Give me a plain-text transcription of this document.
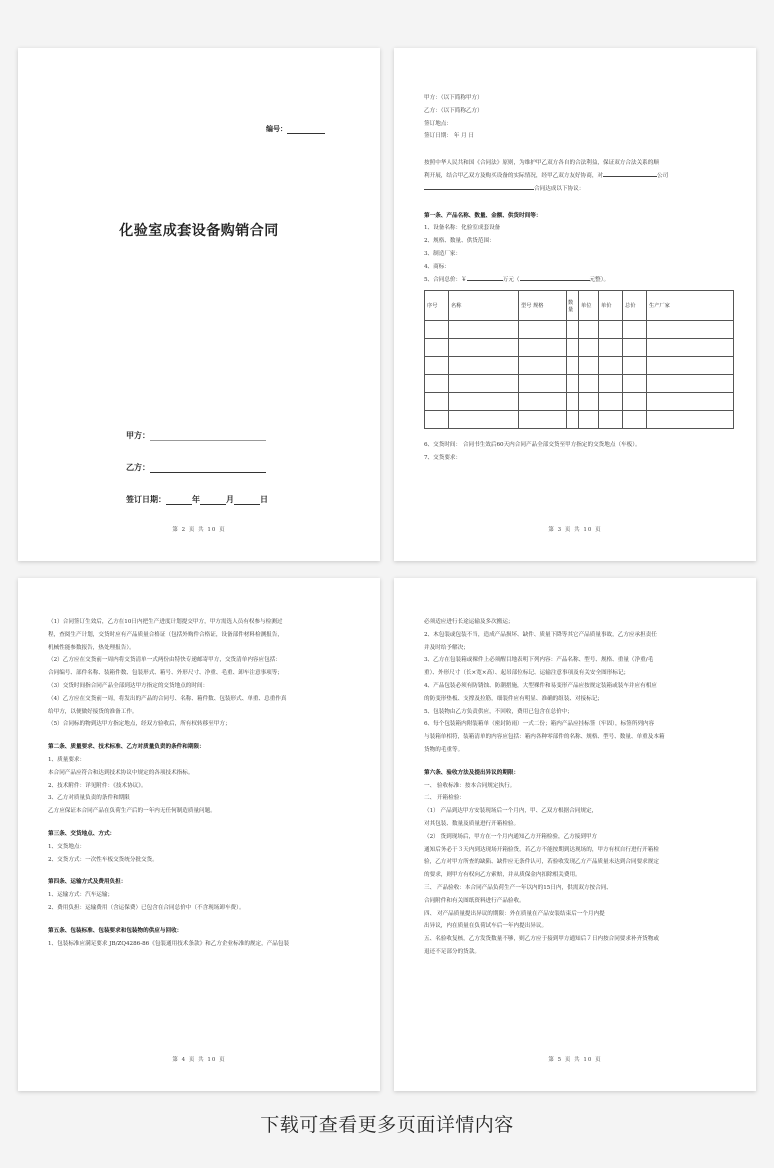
编号：
化验室成套设备购销合同
甲方：
乙方：
签订日期：	年	月	日
第 2 页 共 10 页
甲方：（以下简称甲方）
乙方：（以下简称乙方）
签订地点：
签订日期： 年 月 日
按照中华人民共和国《合同法》原则，为维护甲乙双方各自的合法利益，保证双方合法关系的顺
利开展，结合甲乙双方及购买设备的实际情况，经甲乙双方友好协商，对	公司
合同达成以下协议：
第一条、产品名称、数量、金额、供货时间等：
1、设备名称：化验室成套设备
2、规格、数量、供货范围：
3、制造厂家：
4、商标：
5、合同总价：￥	万元（	元整）。
序号	名称	型号 规格	数量	单位	单价	总价	生产厂家

6、交货时间： 合同书生效后60天内合同产品全部交货至甲方指定的交货地点（车板）。
7、交货要求：
第 3 页 共 10 页
（1）合同签订生效后，乙方在10日内把生产进度计划提交甲方，甲方需选人员有权参与检测过
程，查阅生产计划，交货时应有产品质量合格证（包括外购件合格证，设备部件材料检测报告，
机械性能参数报告，热处理报告）。
（2）乙方应在交货前一周内将交货清单一式两份由特快专递邮寄甲方，交货清单内容应包括：
合同编号、部件名称、装箱件数、包装形式、箱号、外形尺寸、净重、毛重、卸车注意事项等；
（3）交货时间指合同产品全部到达甲方指定的交货地点的时间：
（4）乙方应在交货前一周，将发出的产品的合同号、名称、箱件数、包装形式、单重、总重作真
给甲方，以便做好接货的准备工作。
（5）合同标的物到达甲方指定地点，经双方验收后，所有权转移至甲方；
第二条、质量要求、技术标准、乙方对质量负责的条件和期限：
1、质量要求：
本合同产品应符合和达到技术协议中规定的各项技术指标。
2、技术附件：详见附件：《技术协议》。
3、乙方对质量负责的条件和期限
乙方应保证本合同产品在负荷生产后的一年内无任何制造质量问题。
第三条、交货地点、方式：
1、交货地点：
2、交货方式：一次性车板交货统分批交货。
第四条、运输方式及费用负担：
1、运输方式：汽车运输；
2、费用负担：运输费用（含运保费）已包含在合同总价中（不含现场卸车费）。
第五条、包装标准、包装要求和包装物的供应与回收：
1、包装标准应满足要求 JB/ZQ4286-86《包装通用技术条款》和乙方企业标准的规定，产品包装
第 4 页 共 10 页
必须适应进行长途运输及多次搬运；
2、木包装或包装不当，造成产品损坏、缺件、质量下降等其它产品质量事故，乙方应承担责任
并及时给予解决；
3、乙方在包装箱或裸件上必须醒目地表明下列内容：产品名称、型号、规格、重量（净重/毛
重）、外形尺寸（长×宽×高）、起吊部位标记、运输注意事项及有关安全图形标记；
4、产品包装必须有防锈蚀、防潮措施，大型裸件和易变形产品应按规定装箱或装车并应有相应
的防变形垫板、支撑及拉筋，细装件应有明显、准确的组装、对接标记；
5、包装物由乙方负责供应，不回收，费用已包含在总价中；
6、每个包装箱内附装箱单（密封防雨）一式二份；箱内产品应挂标签（牢固），标签所列内容
与装箱单相符，装箱清单的内容应包括：箱内各种零部件的名称、规格、型号、数量、单重及本箱
货物的毛重等。
第六条、验收方法及提出异议的期限：
一、 验收标准：按本合同规定执行。
二、 开箱检验：
（1） 产品到达甲方安装现场后一个月内，甲、乙双方根据合同规定，
对其包装、数量及质量进行开箱检验。
（2） 货到现场后，甲方在一个月内通知乙方开箱检验，乙方接到甲方
通知后务必于３天内到达现场开箱验货，若乙方不能按期到达现场的，甲方有权自行进行开箱检
验，乙方对甲方所查的缺陷、缺件应无条件认可，若验收发现乙方产品质量未达到合同要求规定
的要求，则甲方有权向乙方索赔，并从质保金内扣除相关费用。
三、 产品验收：本合同产品负荷生产一年以内的15日内，供需双方按合同、
合同附件和有关图纸资料进行产品验收。
四、 对产品质量提出异议的期限：外在质量在产品安装结束后一个月内提
出异议，内在质量在负荷试车后一年内提出异议。
五、名验收复核，乙方发货数量不够，则乙方应于接到甲方通知后７日内按合同要求补齐货物或
退还不足部分的货款。
第 5 页 共 10 页
下载可查看更多页面详情内容
